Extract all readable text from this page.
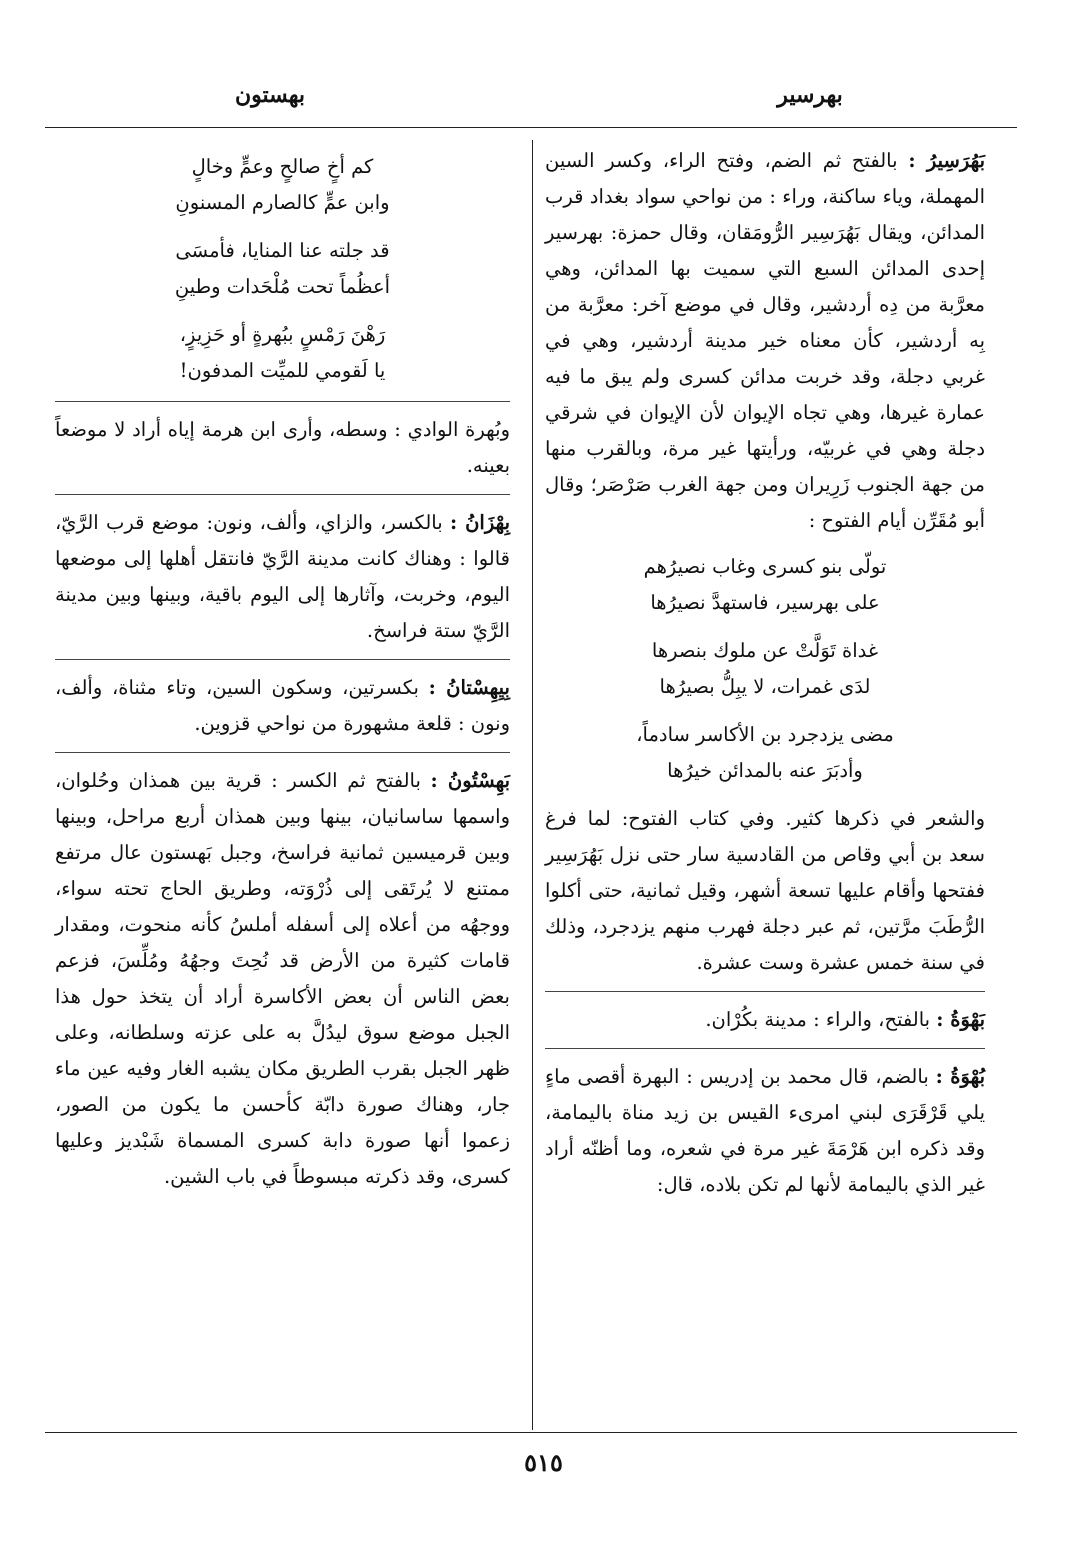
بهرسير
بهستون

بَهُرَسِيرُ : بالفتح ثم الضم، وفتح الراء، وكسر السين المهملة، وياء ساكنة، وراء : من نواحي سواد بغداد قرب المدائن، ويقال بَهُرَسِير الرُّومَقان، وقال حمزة: بهرسير إحدى المدائن السبع التي سميت بها المدائن، وهي معرَّبة من دِه أردشير، وقال في موضع آخر: معرَّبة من بِه أردشير، كأن معناه خير مدينة أردشير، وهي في غربي دجلة، وقد خربت مدائن كسرى ولم يبق ما فيه عمارة غيرها، وهي تجاه الإيوان لأن الإيوان في شرقي دجلة وهي في غربيّه، ورأيتها غير مرة، وبالقرب منها من جهة الجنوب زَرِيران ومن جهة الغرب صَرْصَر؛ وقال أبو مُقَرِّن أيام الفتوح :

تولّى بنو كسرى وغاب نصيرُهم
على بهرسير، فاستهدَّ نصيرُها
غداة تَوَلَّتْ عن ملوك بنصرها
لدَى غمرات، لا يبِلُّ بصيرُها
مضى يزدجرد بن الأكاسر سادماً،
وأدبَرَ عنه بالمدائن خيرُها

والشعر في ذكرها كثير. وفي كتاب الفتوح: لما فرغ سعد بن أبي وقاص من القادسية سار حتى نزل بَهُرَسِير ففتحها وأقام عليها تسعة أشهر، وقيل ثمانية، حتى أكلوا الرُّطَبَ مرَّتين، ثم عبر دجلة فهرب منهم يزدجرد، وذلك في سنة خمس عشرة وست عشرة.

بَهْوَةُ : بالفتح، والراء : مدينة بكُرْان.

بُهْوَةُ : بالضم، قال محمد بن إدريس : البهرة أقصى ماءٍ يلي قَرْقَرَى لبني امرىء القيس بن زيد مناة باليمامة، وقد ذكره ابن هَرْمَةَ غير مرة في شعره، وما أظنّه أراد غير الذي باليمامة لأنها لم تكن بلاده، قال:

كم أخٍ صالحٍ وعمٍّ وخالٍ
وابن عمٍّ كالصارم المسنونِ
قد جلته عنا المنايا، فأمسَى
أعظُماً تحت مُلْحَدات وطينِ
رَهْنَ رَمْسٍ ببُهرةٍ أو حَزِيزٍ،
يا لَقومي للميِّت المدفون!

وبُهرة الوادي : وسطه، وأرى ابن هرمة إياه أراد لا موضعاً بعينه.

بِهْزَانُ : بالكسر، والزاي، وألف، ونون: موضع قرب الرَّيّ، قالوا : وهناك كانت مدينة الرَّيّ فانتقل أهلها إلى موضعها اليوم، وخربت، وآثارها إلى اليوم باقية، وبينها وبين مدينة الرَّيّ ستة فراسخ.

بِيِهِسْتانُ : بكسرتين، وسكون السين، وتاء مثناة، وألف، ونون : قلعة مشهورة من نواحي قزوين.

بَهِسْتُونُ : بالفتح ثم الكسر : قرية بين همذان وحُلوان، واسمها ساسانيان، بينها وبين همذان أربع مراحل، وبينها وبين قرميسين ثمانية فراسخ، وجبل بَهستون عال مرتفع ممتنع لا يُرتَقى إلى ذُرْوَته، وطريق الحاج تحته سواء، ووجهُه من أعلاه إلى أسفله أملسُ كأنه منحوت، ومقدار قامات كثيرة من الأرض قد نُحِتَ وجهُهُ ومُلِّسَ، فزعم بعض الناس أن بعض الأكاسرة أراد أن يتخذ حول هذا الجبل موضع سوق ليدُلَّ به على عزته وسلطانه، وعلى ظهر الجبل بقرب الطريق مكان يشبه الغار وفيه عين ماء جار، وهناك صورة دابّة كأحسن ما يكون من الصور، زعموا أنها صورة دابة كسرى المسماة شَبْديز وعليها كسرى، وقد ذكرته مبسوطاً في باب الشين.

٥١٥
